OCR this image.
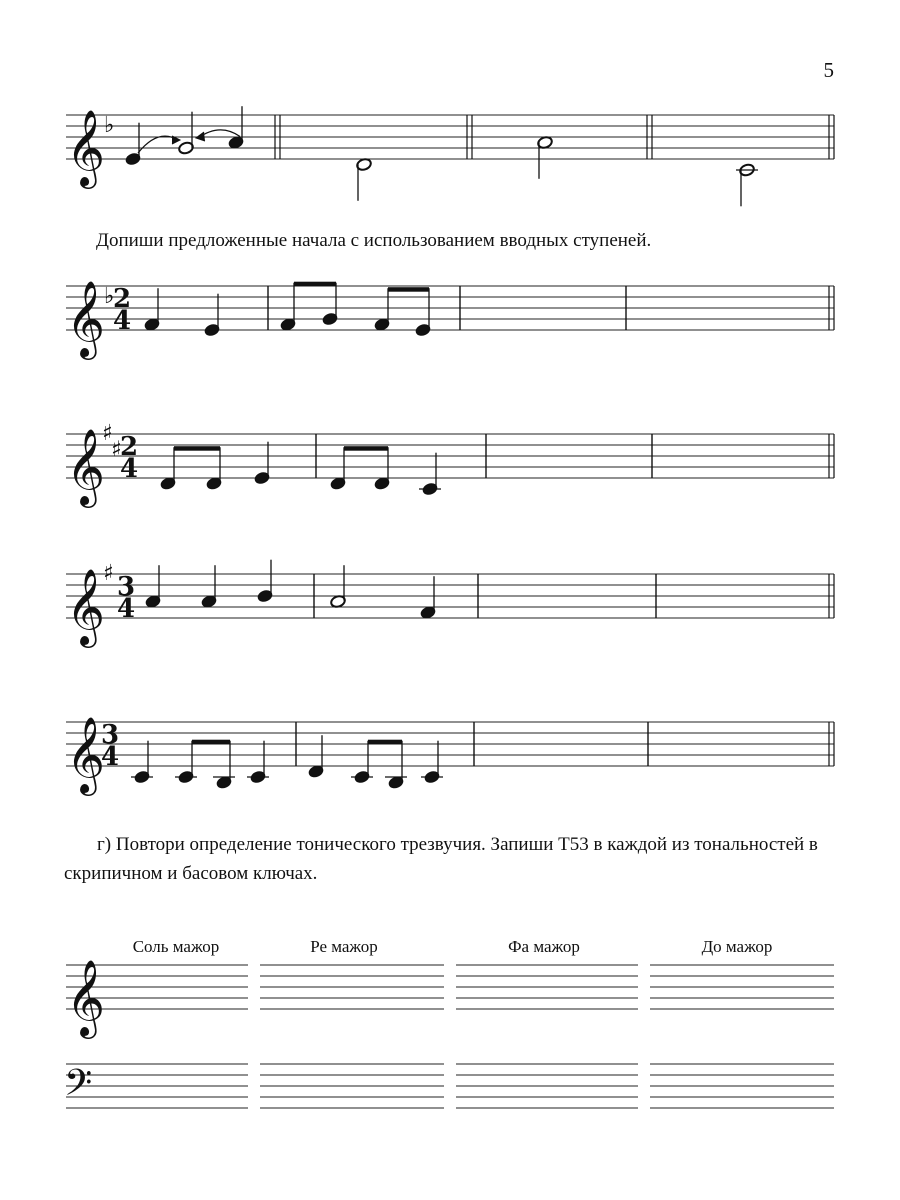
5
Допиши предложенные начала с использованием вводных ступеней.
г) Повтори определение тонического трезвучия. Запиши Т53 в каждой из тональностей в скрипичном и басовом ключах.
𝄞
♭
𝄞
♭
2
4
𝄞
♯
♯
2
4
𝄞
♯ 3
4
𝄞
3
4
Соль мажор	Ре мажор	Фа мажор	До мажор
𝄞
𝄢
